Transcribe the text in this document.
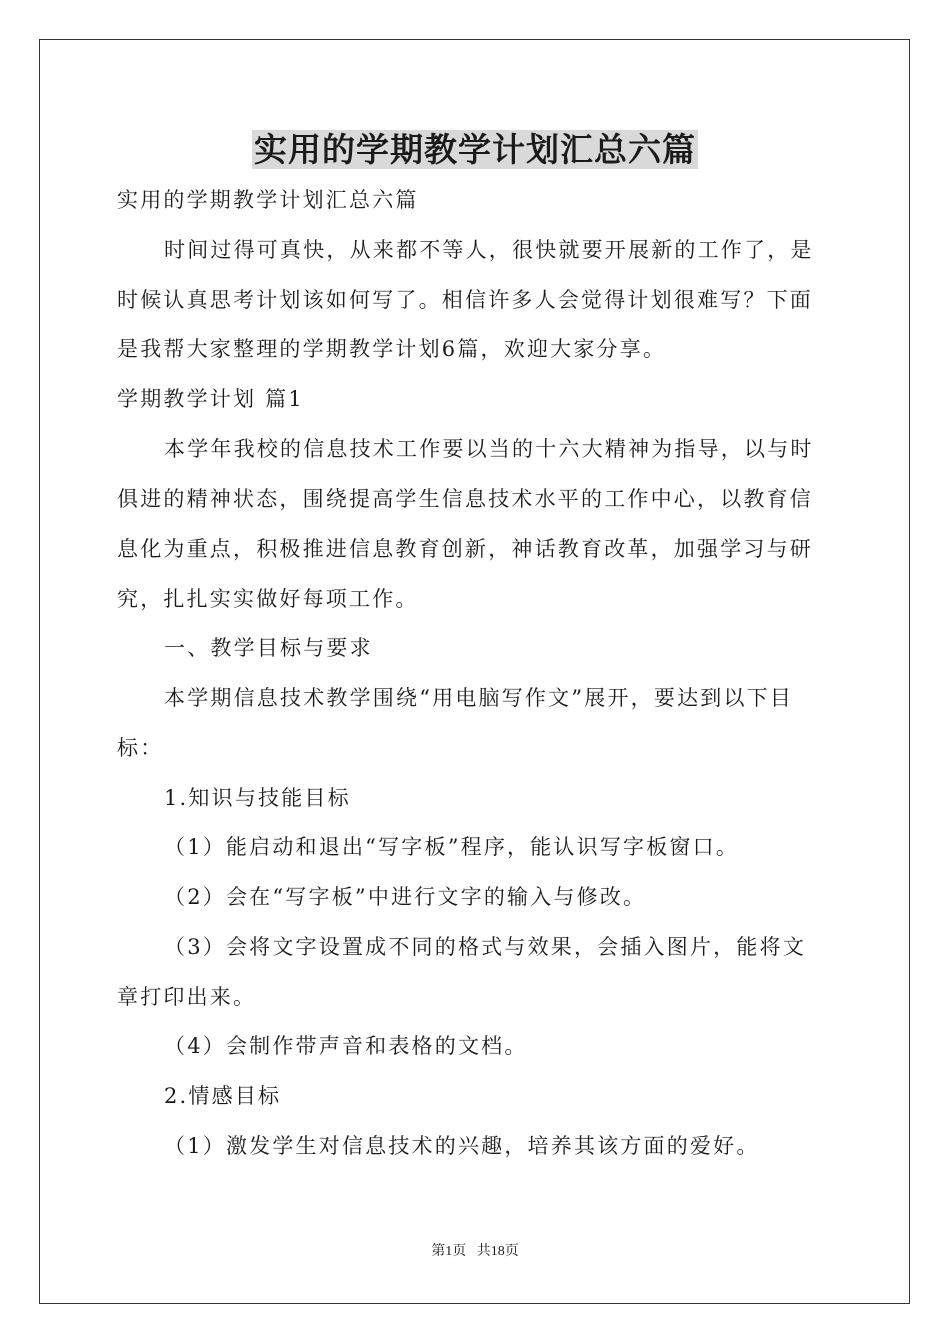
实用的学期教学计划汇总六篇
实用的学期教学计划汇总六篇
时间过得可真快，从来都不等人，很快就要开展新的工作了，是
时候认真思考计划该如何写了。相信许多人会觉得计划很难写？下面
是我帮大家整理的学期教学计划6篇，欢迎大家分享。
学期教学计划 篇1
本学年我校的信息技术工作要以当的十六大精神为指导，以与时
俱进的精神状态，围绕提高学生信息技术水平的工作中心，以教育信
息化为重点，积极推进信息教育创新，神话教育改革，加强学习与研
究，扎扎实实做好每项工作。
一、教学目标与要求
本学期信息技术教学围绕“用电脑写作文”展开，要达到以下目
标：
1.知识与技能目标
（1）能启动和退出“写字板”程序，能认识写字板窗口。
（2）会在“写字板”中进行文字的输入与修改。
（3）会将文字设置成不同的格式与效果，会插入图片，能将文
章打印出来。
（4）会制作带声音和表格的文档。
2.情感目标
（1）激发学生对信息技术的兴趣，培养其该方面的爱好。
第1页   共18页
